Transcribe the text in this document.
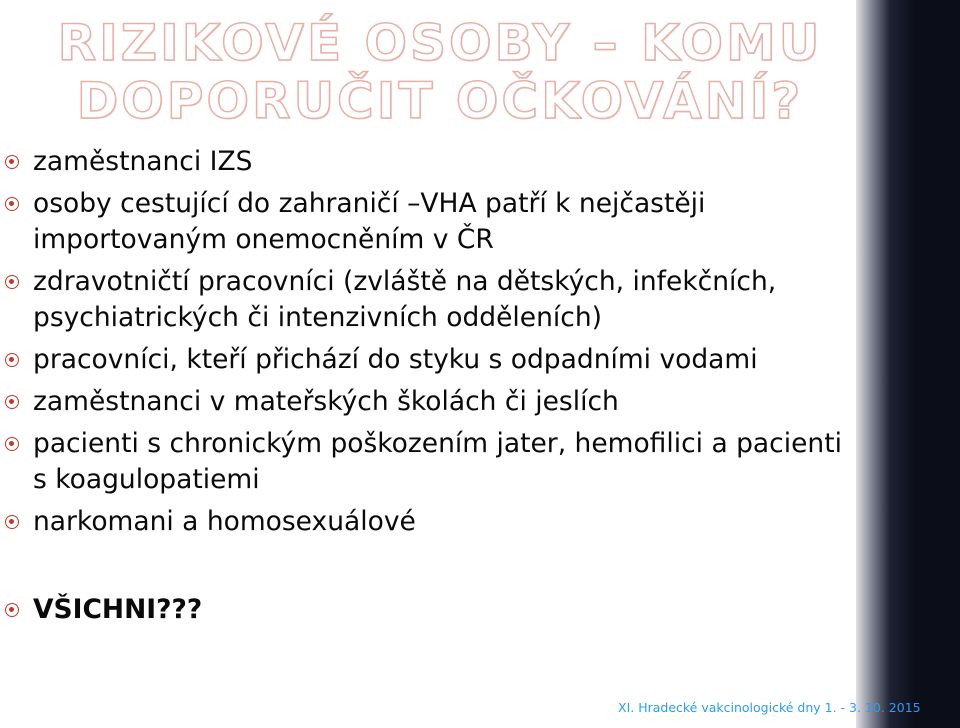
RIZIKOVÉ OSOBY – KOMU DOPORUČIT OČKOVÁNÍ?
zaměstnanci IZS
osoby cestující do zahraničí –VHA patří k nejčastěji importovaným onemocněním v ČR
zdravotničtí pracovníci (zvláště na dětských, infekčních, psychiatrických či intenzivních odděleních)
pracovníci, kteří přichází do styku s odpadními vodami
zaměstnanci v mateřských školách či jeslích
pacienti s chronickým poškozením jater, hemofilici a pacienti s koagulopatiemi
narkomani a homosexuálové
VŠICHNI???
XI. Hradecké vakcinologické dny 1. - 3. 10. 2015
